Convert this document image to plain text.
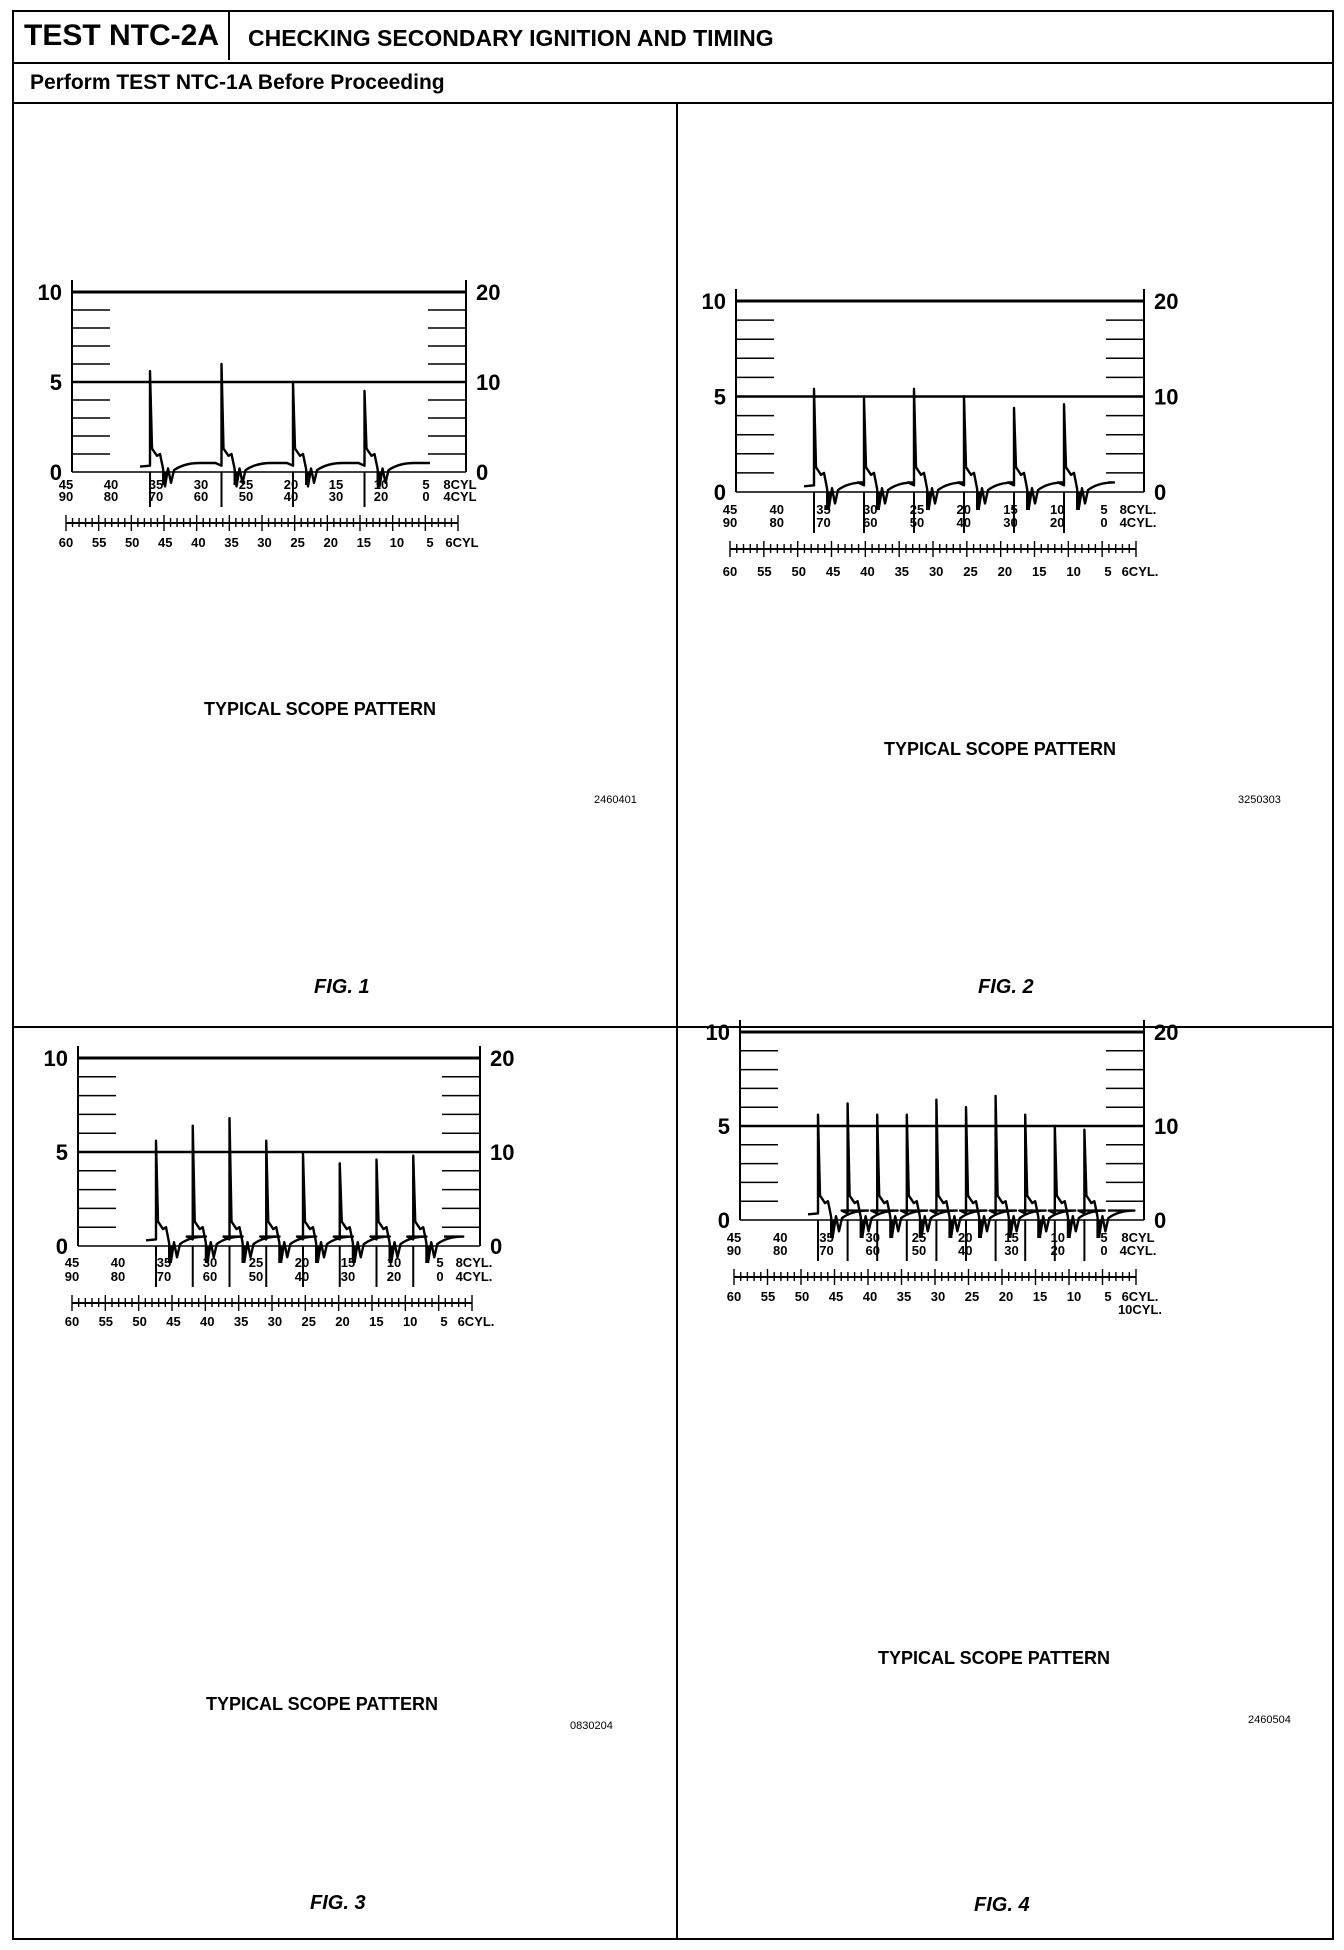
TEST NTC-2A	CHECKING SECONDARY IGNITION AND TIMING
Perform TEST NTC-1A Before Proceeding
10
5
0
20
10
0
45
90
40
80
35
70
30
60
25
50
20
40
15
30
10
20
5
0
8CYL
4CYL
60 55 50 45 40 35 30 25 20 15 10 5 6CYL
TYPICAL SCOPE PATTERN
2460401
FIG. 1
10
5
0
20
10
0
45
90
40
80
35
70
30
60
25
50
20
40
15
30
10
20
5
0
8CYL.
4CYL.
60 55 50 45 40 35 30 25 20 15 10 5 6CYL.
TYPICAL SCOPE PATTERN
3250303
FIG. 2
10
5
0
20
10
0
45
90
40
80
35
70
30
60
25
50
20
40
15
30
10
20
5
0
8CYL.
4CYL.
60 55 50 45 40 35 30 25 20 15 10 5 6CYL.
TYPICAL SCOPE PATTERN
0830204
FIG. 3
10
5
0
20
10
0
45
90
40
80
35
70
30
60
25
50
20
40
15
30
10
20
5
0
8CYL
4CYL.
60 55 50 45 40 35 30 25 20 15 10 5 6CYL.
10CYL.
TYPICAL SCOPE PATTERN
2460504
FIG. 4
